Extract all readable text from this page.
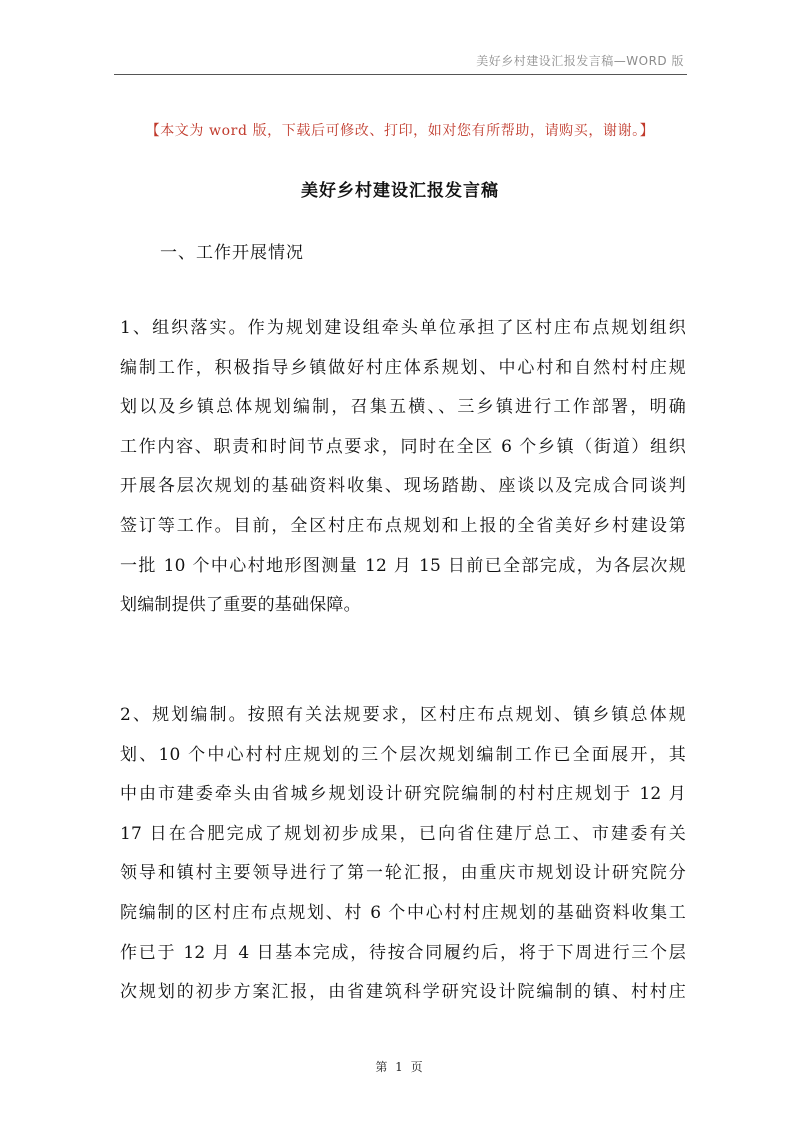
美好乡村建设汇报发言稿—WORD 版
【本文为 word 版，下载后可修改、打印，如对您有所帮助，请购买，谢谢。】
美好乡村建设汇报发言稿
一、工作开展情况
1、组织落实。作为规划建设组牵头单位承担了区村庄布点规划组织
编制工作，积极指导乡镇做好村庄体系规划、中心村和自然村村庄规
划以及乡镇总体规划编制，召集五横、、三乡镇进行工作部署，明确
工作内容、职责和时间节点要求，同时在全区 6 个乡镇（街道）组织
开展各层次规划的基础资料收集、现场踏勘、座谈以及完成合同谈判
签订等工作。目前，全区村庄布点规划和上报的全省美好乡村建设第
一批 10 个中心村地形图测量 12 月 15 日前已全部完成，为各层次规
划编制提供了重要的基础保障。
2、规划编制。按照有关法规要求，区村庄布点规划、镇乡镇总体规
划、10 个中心村村庄规划的三个层次规划编制工作已全面展开，其
中由市建委牵头由省城乡规划设计研究院编制的村村庄规划于 12 月
17 日在合肥完成了规划初步成果，已向省住建厅总工、市建委有关
领导和镇村主要领导进行了第一轮汇报，由重庆市规划设计研究院分
院编制的区村庄布点规划、村 6 个中心村村庄规划的基础资料收集工
作已于 12 月 4 日基本完成，待按合同履约后，将于下周进行三个层
次规划的初步方案汇报，由省建筑科学研究设计院编制的镇、村村庄
第 1 页
